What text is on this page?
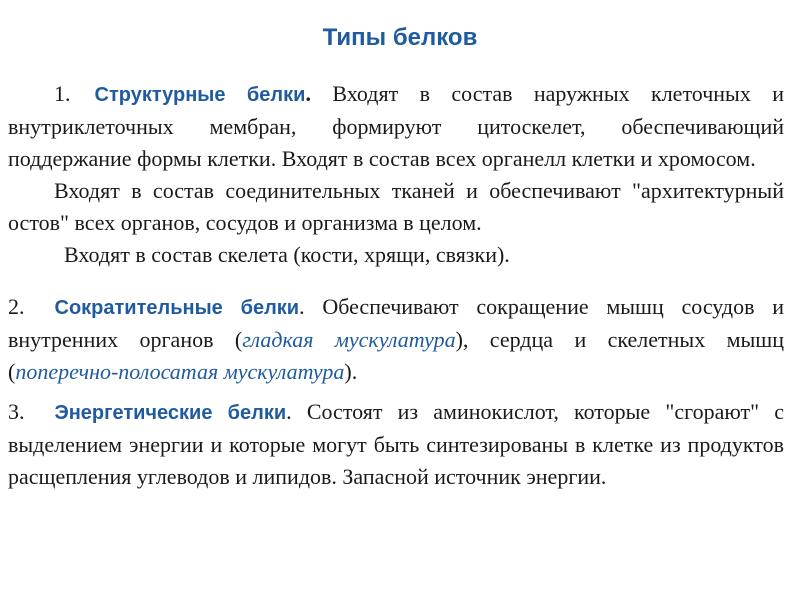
Типы белков

1. Структурные белки. Входят в состав наружных клеточных и внутриклеточных мембран, формируют цитоскелет, обеспечивающий поддержание формы клетки. Входят в состав всех органелл клетки и хромосом.

Входят в состав соединительных тканей и обеспечивают "архитектурный остов" всех органов, сосудов и организма в целом.

Входят в состав скелета (кости, хрящи, связки).

2. Сократительные белки. Обеспечивают сокращение мышц сосудов и внутренних органов (гладкая мускулатура), сердца и скелетных мышц (поперечно-полосатая мускулатура).

3. Энергетические белки. Состоят из аминокислот, которые "сгорают" с выделением энергии и которые могут быть синтезированы в клетке из продуктов расщепления углеводов и липидов. Запасной источник энергии.
